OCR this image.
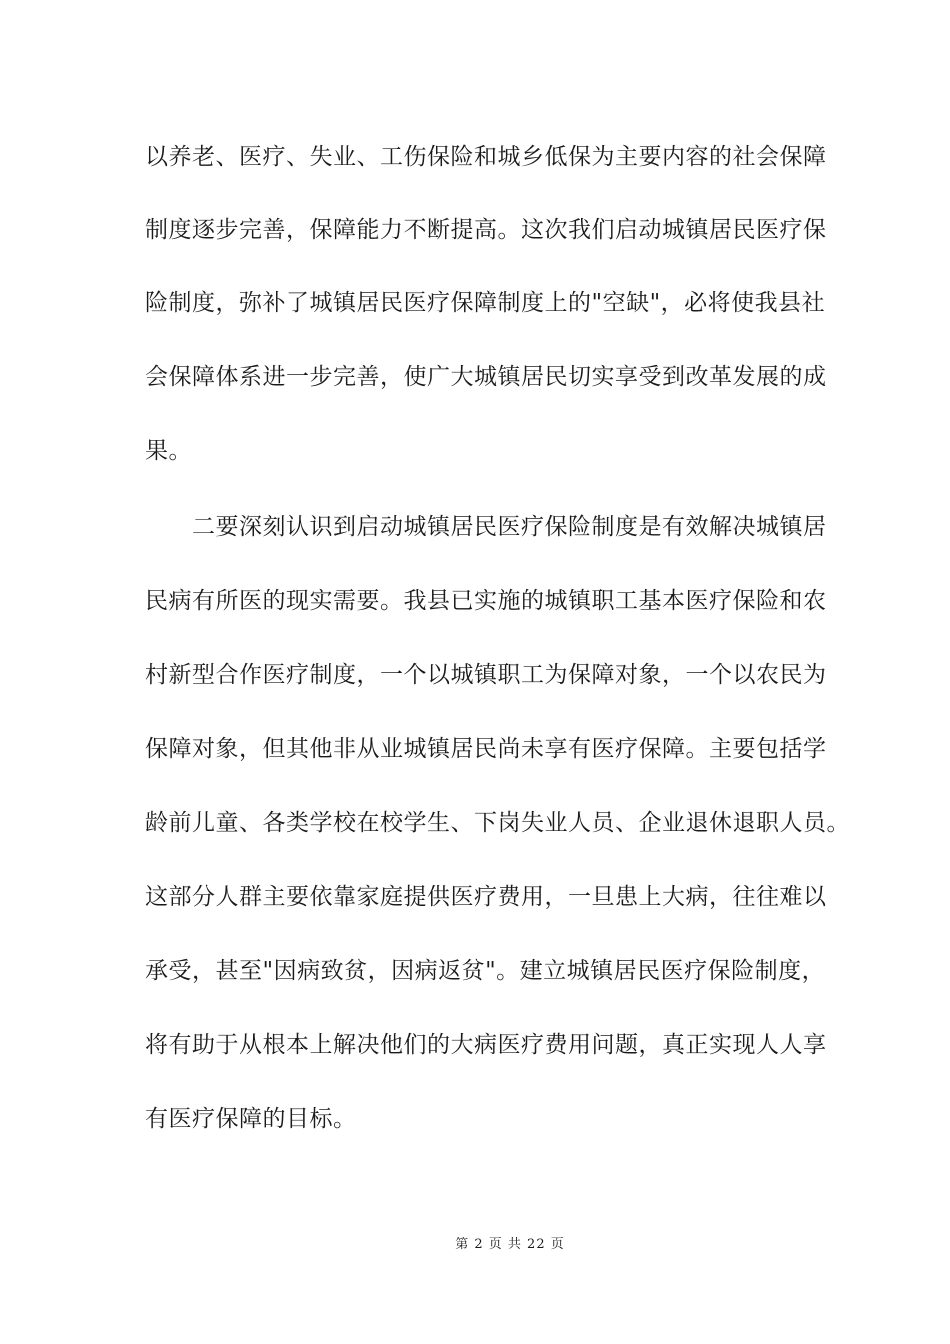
以养老、医疗、失业、工伤保险和城乡低保为主要内容的社会保障
制度逐步完善，保障能力不断提高。这次我们启动城镇居民医疗保
险制度，弥补了城镇居民医疗保障制度上的"空缺"，必将使我县社
会保障体系进一步完善，使广大城镇居民切实享受到改革发展的成
果。
　　二要深刻认识到启动城镇居民医疗保险制度是有效解决城镇居
民病有所医的现实需要。我县已实施的城镇职工基本医疗保险和农
村新型合作医疗制度，一个以城镇职工为保障对象，一个以农民为
保障对象，但其他非从业城镇居民尚未享有医疗保障。主要包括学
龄前儿童、各类学校在校学生、下岗失业人员、企业退休退职人员。
这部分人群主要依靠家庭提供医疗费用，一旦患上大病，往往难以
承受，甚至"因病致贫，因病返贫"。建立城镇居民医疗保险制度，
将有助于从根本上解决他们的大病医疗费用问题，真正实现人人享
有医疗保障的目标。
第 2 页 共 22 页
